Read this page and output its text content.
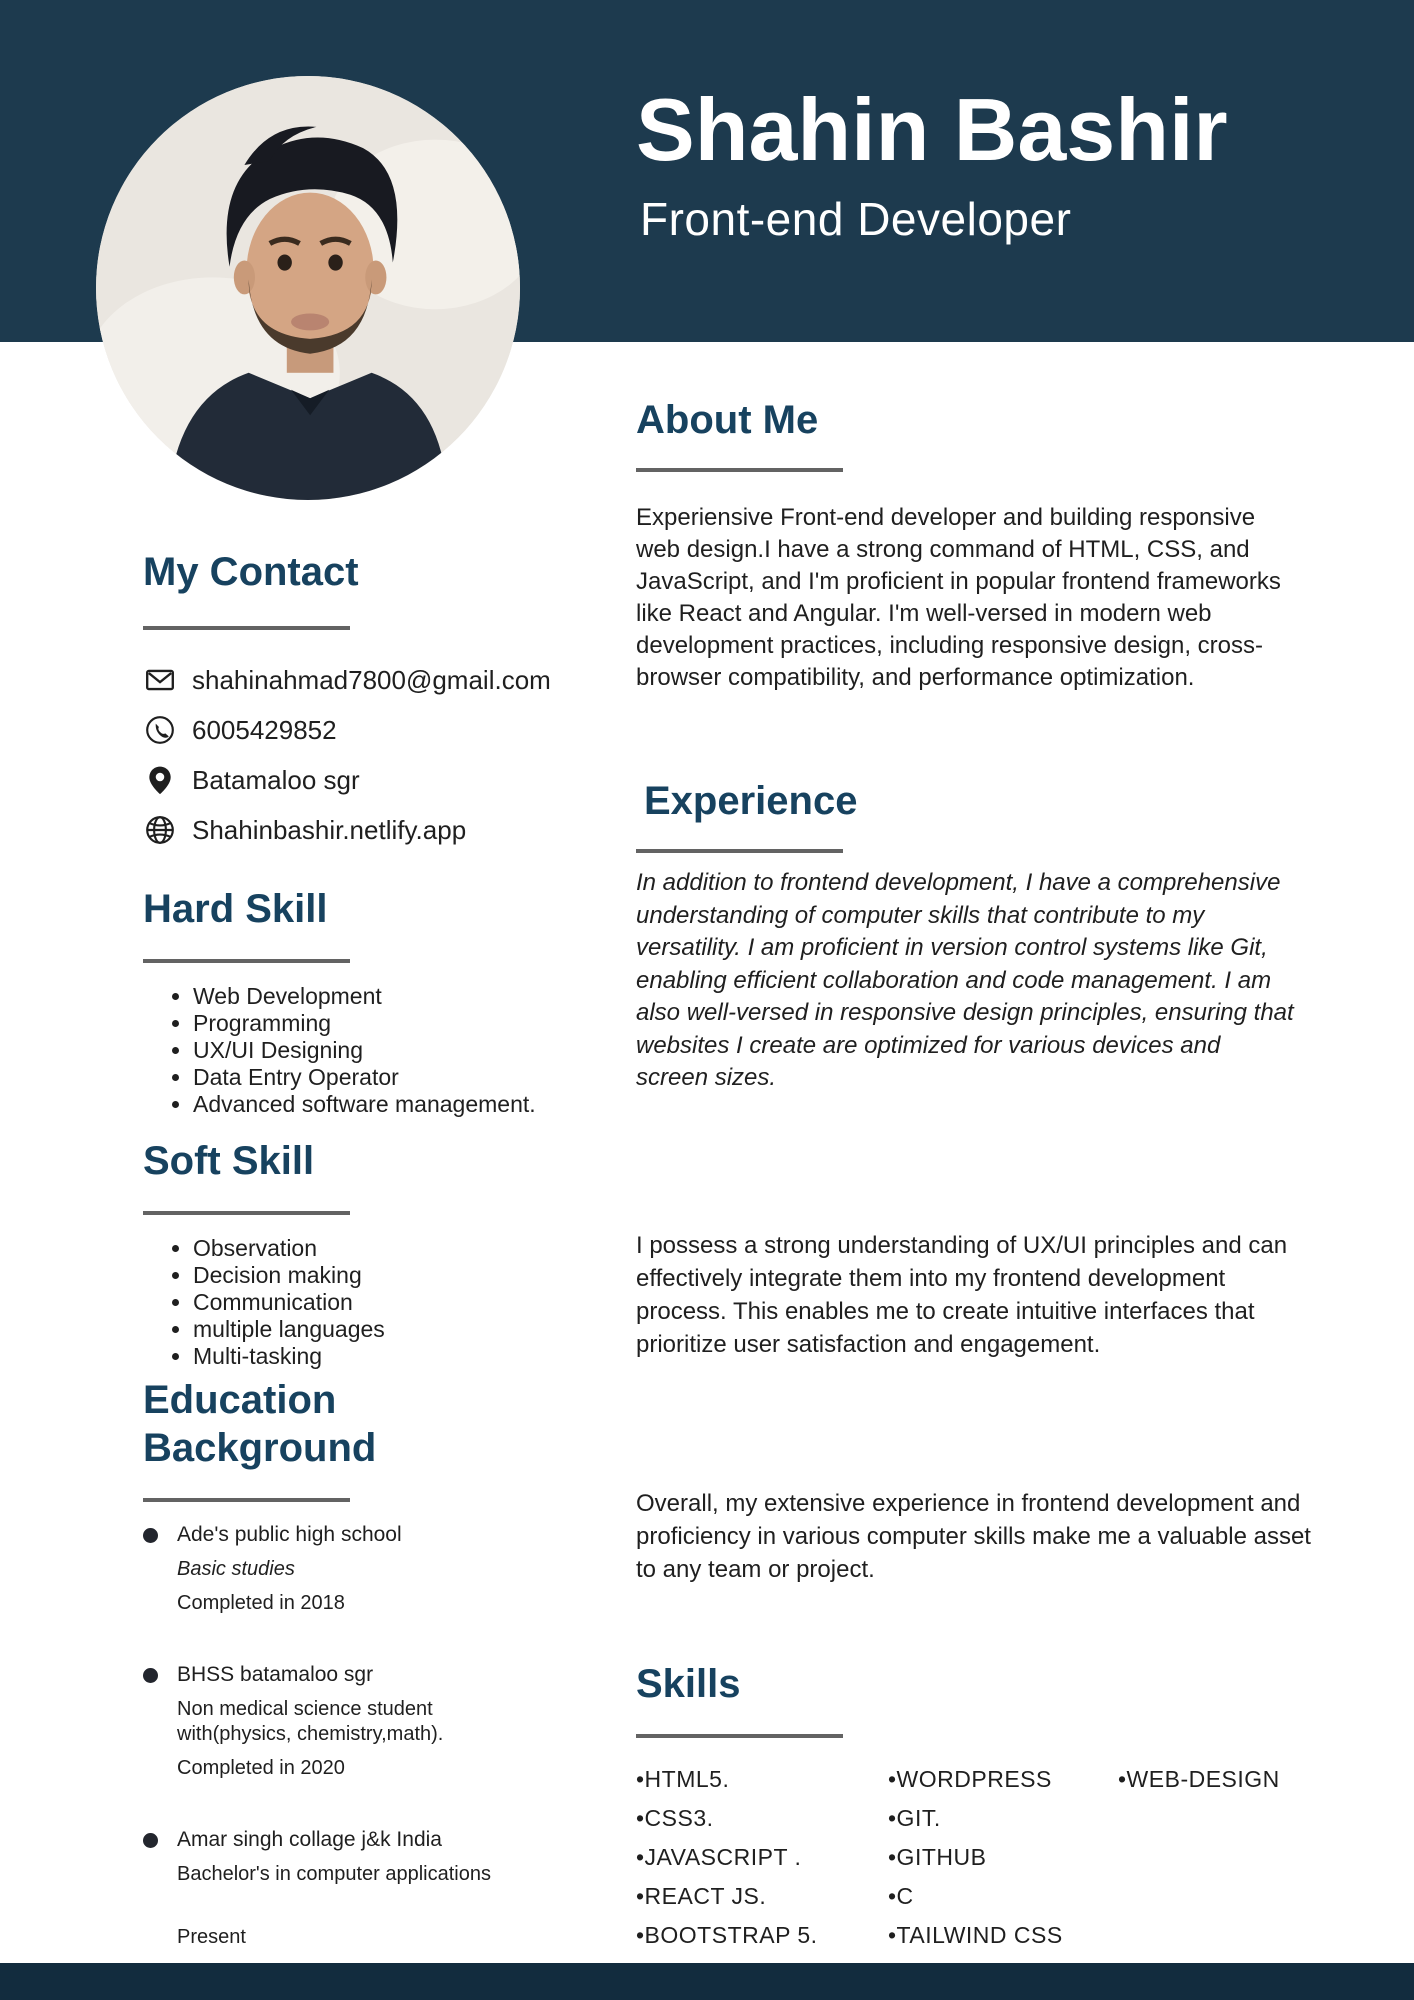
Shahin Bashir
Front-end Developer
My Contact
shahinahmad7800@gmail.com
6005429852
Batamaloo sgr
Shahinbashir.netlify.app
Hard Skill
• Web Development
• Programming
• UX/UI Designing
• Data Entry Operator
• Advanced software management.
Soft Skill
• Observation
• Decision making
• Communication
• multiple languages
• Multi-tasking
Education Background
Ade's public high school
Basic studies
Completed in 2018
BHSS batamaloo sgr
Non medical science student with(physics, chemistry,math).
Completed in 2020
Amar singh collage j&k India
Bachelor's in computer applications
Present
About Me

Experiensive Front-end developer and building responsive web design.I have a strong command of HTML, CSS, and JavaScript, and I'm proficient in popular frontend frameworks like React and Angular. I'm well-versed in modern web development practices, including responsive design, cross-browser compatibility, and performance optimization.

Experience

In addition to frontend development, I have a comprehensive understanding of computer skills that contribute to my versatility. I am proficient in version control systems like Git, enabling efficient collaboration and code management. I am also well-versed in responsive design principles, ensuring that websites I create are optimized for various devices and screen sizes.

I possess a strong understanding of UX/UI principles and can effectively integrate them into my frontend development process. This enables me to create intuitive interfaces that prioritize user satisfaction and engagement.

Overall, my extensive experience in frontend development and proficiency in various computer skills make me a valuable asset to any team or project.

Skills
•HTML5.
•CSS3.
•JAVASCRIPT .
•REACT JS.
•BOOTSTRAP 5.
•WORDPRESS
•GIT.
•GITHUB
•C
•TAILWIND CSS
•WEB-DESIGN
